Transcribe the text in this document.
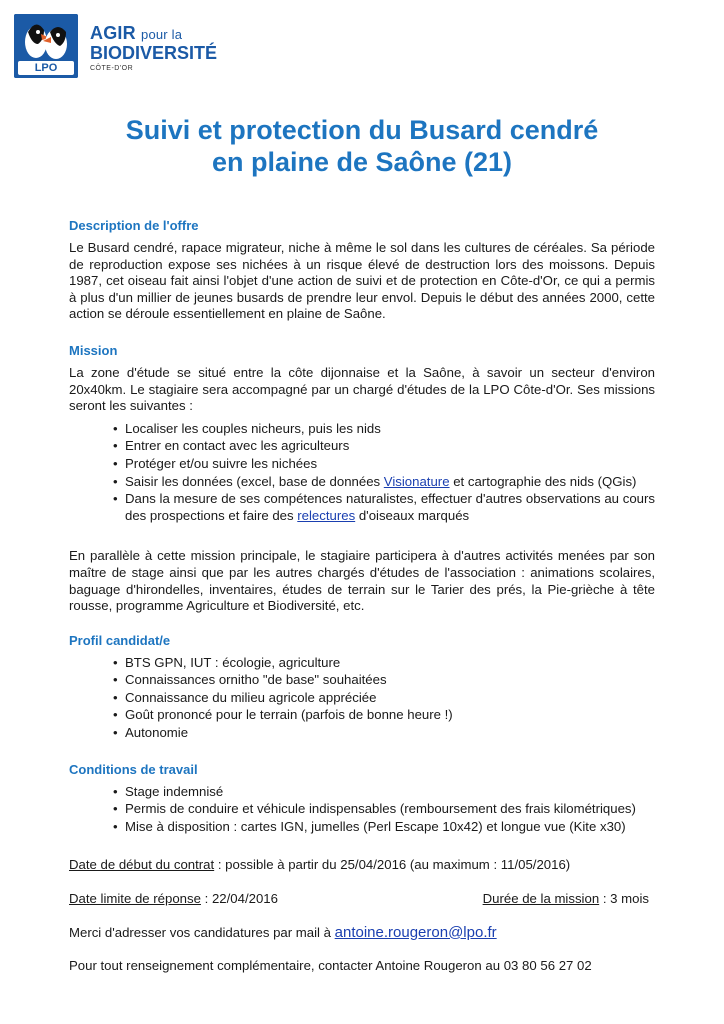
LPO
AGIR pour la
BIODIVERSITÉ
CÔTE-D'OR
Suivi et protection du Busard cendré
en plaine de Saône (21)
Description de l'offre

Le Busard cendré, rapace migrateur, niche à même le sol dans les cultures de céréales. Sa période de reproduction expose ses nichées à un risque élevé de destruction lors des moissons. Depuis 1987, cet oiseau fait ainsi l'objet d'une action de suivi et de protection en Côte-d'Or, ce qui a permis à plus d'un millier de jeunes busards de prendre leur envol. Depuis le début des années 2000, cette action se déroule essentiellement en plaine de Saône.

Mission

La zone d'étude se situé entre la côte dijonnaise et la Saône, à savoir un secteur d'environ 20x40km. Le stagiaire sera accompagné par un chargé d'études de la LPO Côte-d'Or. Ses missions seront les suivantes :

• Localiser les couples nicheurs, puis les nids
• Entrer en contact avec les agriculteurs
• Protéger et/ou suivre les nichées
• Saisir les données (excel, base de données Visionature et cartographie des nids (QGis)
• Dans la mesure de ses compétences naturalistes, effectuer d'autres observations au cours des prospections et faire des relectures d'oiseaux marqués

En parallèle à cette mission principale, le stagiaire participera à d'autres activités menées par son maître de stage ainsi que par les autres chargés d'études de l'association : animations scolaires, baguage d'hirondelles, inventaires, études de terrain sur le Tarier des prés, la Pie-grièche à tête rousse, programme Agriculture et Biodiversité, etc.

Profil candidat/e
• BTS GPN, IUT : écologie, agriculture
• Connaissances ornitho "de base" souhaitées
• Connaissance du milieu agricole appréciée
• Goût prononcé pour le terrain (parfois de bonne heure !)
• Autonomie
Conditions de travail
• Stage indemnisé
• Permis de conduire et véhicule indispensables (remboursement des frais kilométriques)
• Mise à disposition : cartes IGN, jumelles (Perl Escape 10x42) et longue vue (Kite x30)
Date de début du contrat : possible à partir du 25/04/2016 (au maximum : 11/05/2016)
Date limite de réponse : 22/04/2016	Durée de la mission : 3 mois
Merci d'adresser vos candidatures par mail à antoine.rougeron@lpo.fr
Pour tout renseignement complémentaire, contacter Antoine Rougeron au 03 80 56 27 02
